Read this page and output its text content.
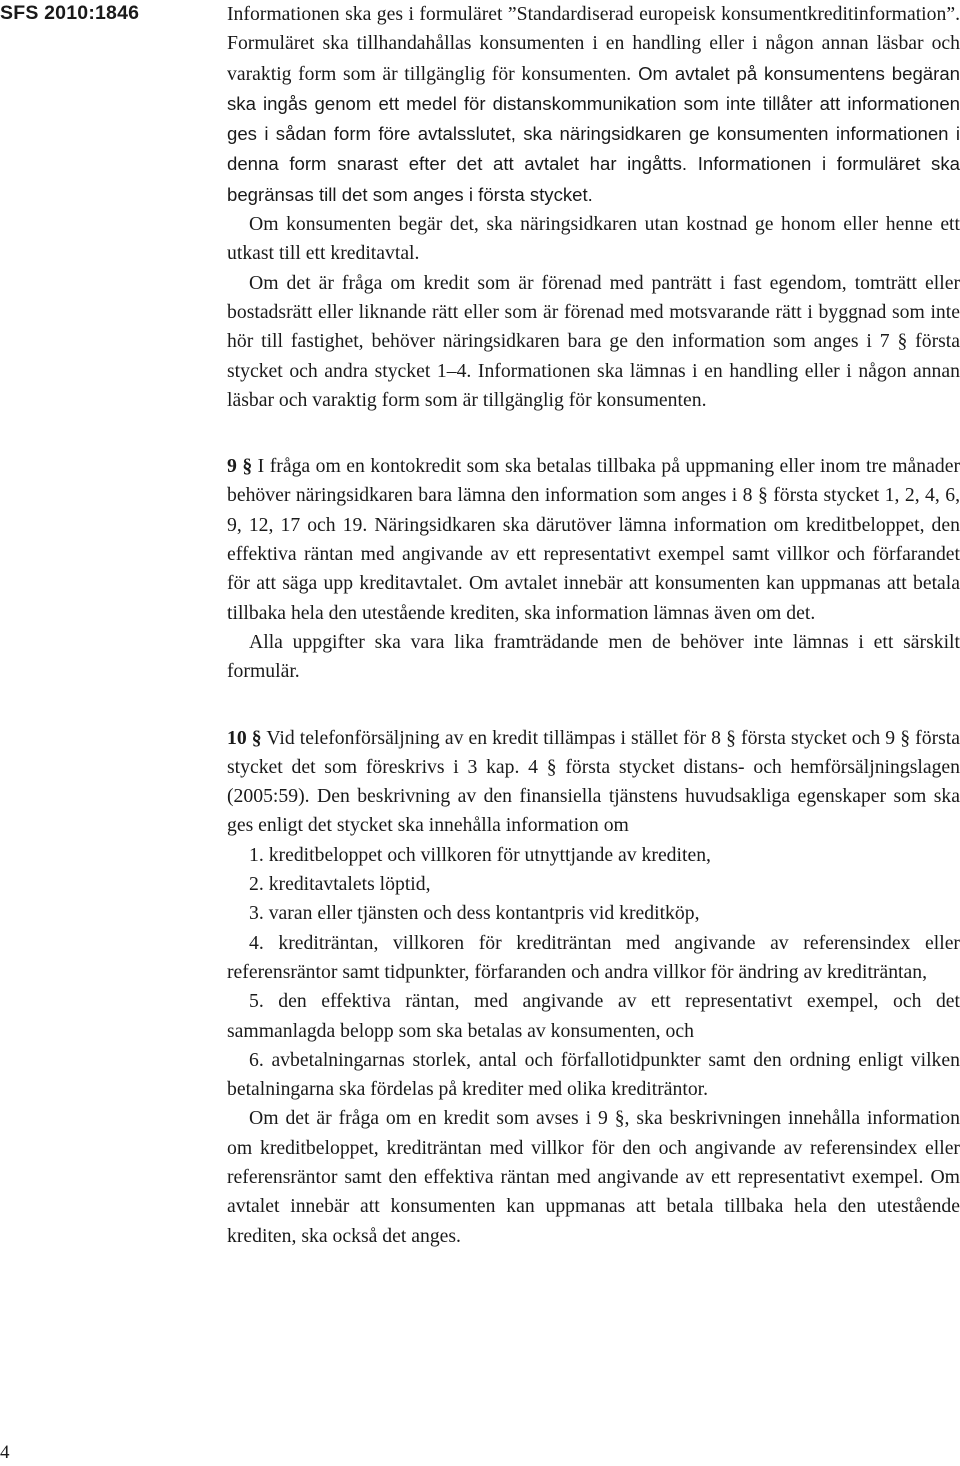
SFS 2010:1846
4

Informationen ska ges i formuläret ”Standardiserad europeisk konsumentkreditinformation”. Formuläret ska tillhandahållas konsumenten i en handling eller i någon annan läsbar och varaktig form som är tillgänglig för konsumenten. Om avtalet på konsumentens begäran ska ingås genom ett medel för distanskommunikation som inte tillåter att informationen ges i sådan form före avtalsslutet, ska näringsidkaren ge konsumenten informationen i denna form snarast efter det att avtalet har ingåtts. Informationen i formuläret ska begränsas till det som anges i första stycket.

Om konsumenten begär det, ska näringsidkaren utan kostnad ge honom eller henne ett utkast till ett kreditavtal.

Om det är fråga om kredit som är förenad med panträtt i fast egendom, tomträtt eller bostadsrätt eller liknande rätt eller som är förenad med motsvarande rätt i byggnad som inte hör till fastighet, behöver näringsidkaren bara ge den information som anges i 7 § första stycket och andra stycket 1–4. Informationen ska lämnas i en handling eller i någon annan läsbar och varaktig form som är tillgänglig för konsumenten.

9 § I fråga om en kontokredit som ska betalas tillbaka på uppmaning eller inom tre månader behöver näringsidkaren bara lämna den information som anges i 8 § första stycket 1, 2, 4, 6, 9, 12, 17 och 19. Näringsidkaren ska därutöver lämna information om kreditbeloppet, den effektiva räntan med angivande av ett representativt exempel samt villkor och förfarandet för att säga upp kreditavtalet. Om avtalet innebär att konsumenten kan uppmanas att betala tillbaka hela den utestående krediten, ska information lämnas även om det.

Alla uppgifter ska vara lika framträdande men de behöver inte lämnas i ett särskilt formulär.

10 § Vid telefonförsäljning av en kredit tillämpas i stället för 8 § första stycket och 9 § första stycket det som föreskrivs i 3 kap. 4 § första stycket distans- och hemförsäljningslagen (2005:59). Den beskrivning av den finansiella tjänstens huvudsakliga egenskaper som ska ges enligt det stycket ska innehålla information om

1. kreditbeloppet och villkoren för utnyttjande av krediten,

2. kreditavtalets löptid,

3. varan eller tjänsten och dess kontantpris vid kreditköp,

4. krediträntan, villkoren för krediträntan med angivande av referensindex eller referensräntor samt tidpunkter, förfaranden och andra villkor för ändring av krediträntan,

5. den effektiva räntan, med angivande av ett representativt exempel, och det sammanlagda belopp som ska betalas av konsumenten, och

6. avbetalningarnas storlek, antal och förfallotidpunkter samt den ordning enligt vilken betalningarna ska fördelas på krediter med olika krediträntor.

Om det är fråga om en kredit som avses i 9 §, ska beskrivningen innehålla information om kreditbeloppet, krediträntan med villkor för den och angivande av referensindex eller referensräntor samt den effektiva räntan med angivande av ett representativt exempel. Om avtalet innebär att konsumenten kan uppmanas att betala tillbaka hela den utestående krediten, ska också det anges.
